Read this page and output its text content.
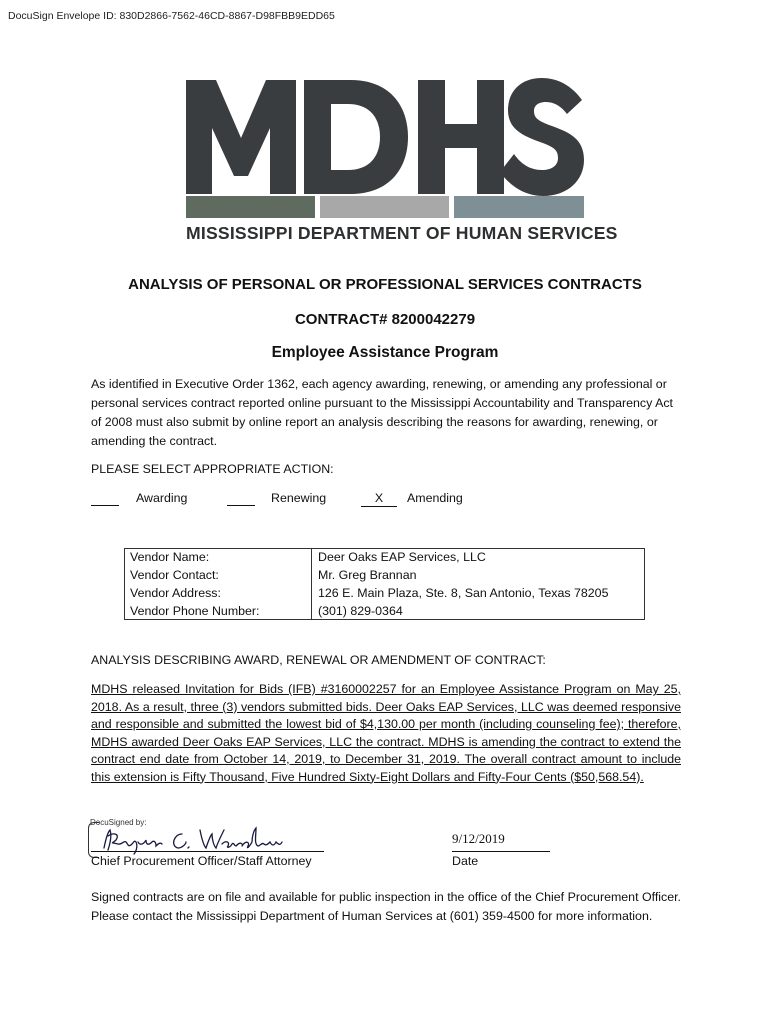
DocuSign Envelope ID: 830D2866-7562-46CD-8867-D98FBB9EDD65
MISSISSIPPI DEPARTMENT OF HUMAN SERVICES
ANALYSIS OF PERSONAL OR PROFESSIONAL SERVICES CONTRACTS
CONTRACT# 8200042279
Employee Assistance Program
As identified in Executive Order 1362, each agency awarding, renewing, or amending any professional or personal services contract reported online pursuant to the Mississippi Accountability and Transparency Act of 2008 must also submit by online report an analysis describing the reasons for awarding, renewing, or amending the contract.
PLEASE SELECT APPROPRIATE ACTION:
Awarding	Renewing	X	Amending
Vendor Name:	Deer Oaks EAP Services, LLC
Vendor Contact:	Mr. Greg Brannan
Vendor Address:	126 E. Main Plaza, Ste. 8, San Antonio, Texas 78205
Vendor Phone Number:	(301) 829-0364
ANALYSIS DESCRIBING AWARD, RENEWAL OR AMENDMENT OF CONTRACT:
MDHS released Invitation for Bids (IFB) #3160002257 for an Employee Assistance Program on May 25, 2018. As a result, three (3) vendors submitted bids. Deer Oaks EAP Services, LLC was deemed responsive and responsible and submitted the lowest bid of $4,130.00 per month (including counseling fee); therefore, MDHS awarded Deer Oaks EAP Services, LLC the contract. MDHS is amending the contract to extend the contract end date from October 14, 2019, to December 31, 2019. The overall contract amount to include this extension is Fifty Thousand, Five Hundred Sixty-Eight Dollars and Fifty-Four Cents ($50,568.54).
DocuSigned by:
Chief Procurement Officer/Staff Attorney
9/12/2019
Date
Signed contracts are on file and available for public inspection in the office of the Chief Procurement Officer. Please contact the Mississippi Department of Human Services at (601) 359-4500 for more information.
